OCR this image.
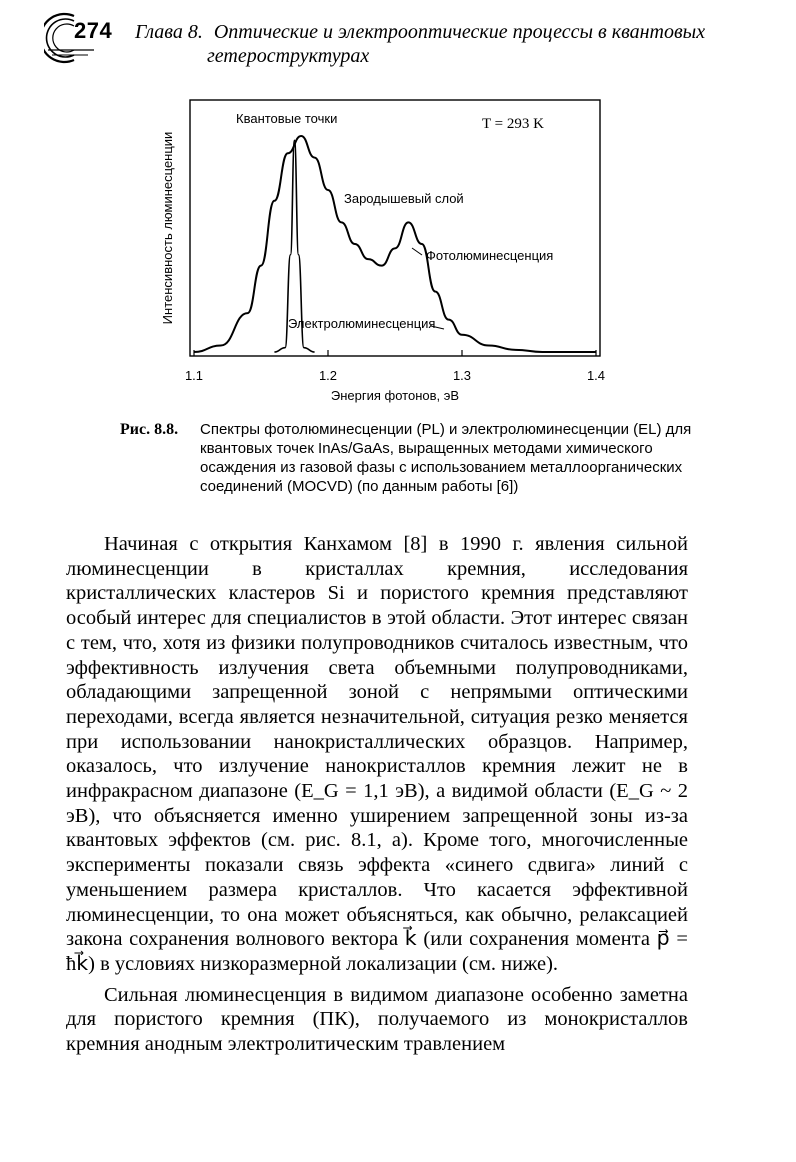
274 Глава 8. Оптические и электрооптические процессы в квантовых
гетероструктурах
1.1	1.2	1.3	1.4
Интенсивность люминесценции
Энергия фотонов, эВ
T = 293 K
Квантовые точки
Зародышевый слой
Фотолюминесценция
Электролюминесценция
Рис. 8.8.	Спектры фотолюминесценции (PL) и электролюминесценции (EL) для квантовых точек InAs/GaAs, выращенных методами химического осаждения из газовой фазы с использованием металлоорганических соединений (MOCVD) (по данным работы [6])

Начиная с открытия Канхамом [8] в 1990 г. явления сильной люминесценции в кристаллах кремния, исследования кристаллических кластеров Si и пористого кремния представляют особый интерес для специалистов в этой области. Этот интерес связан с тем, что, хотя из физики полупроводников считалось известным, что эффективность излучения света объемными полупроводниками, обладающими запрещенной зоной с непрямыми оптическими переходами, всегда является незначительной, ситуация резко меняется при использовании нанокристаллических образцов. Например, оказалось, что излучение нанокристаллов кремния лежит не в инфракрасном диапазоне (E_G = 1,1 эВ), а видимой области (E_G ~ 2 эВ), что объясняется именно уширением запрещенной зоны из-за квантовых эффектов (см. рис. 8.1, а). Кроме того, многочисленные эксперименты показали связь эффекта «синего сдвига» линий с уменьшением размера кристаллов. Что касается эффективной люминесценции, то она может объясняться, как обычно, релаксацией закона сохранения волнового вектора k⃗ (или сохранения момента p⃗ = ħk⃗) в условиях низкоразмерной локализации (см. ниже).

Сильная люминесценция в видимом диапазоне особенно заметна для пористого кремния (ПК), получаемого из монокристаллов кремния анодным электролитическим травлением
